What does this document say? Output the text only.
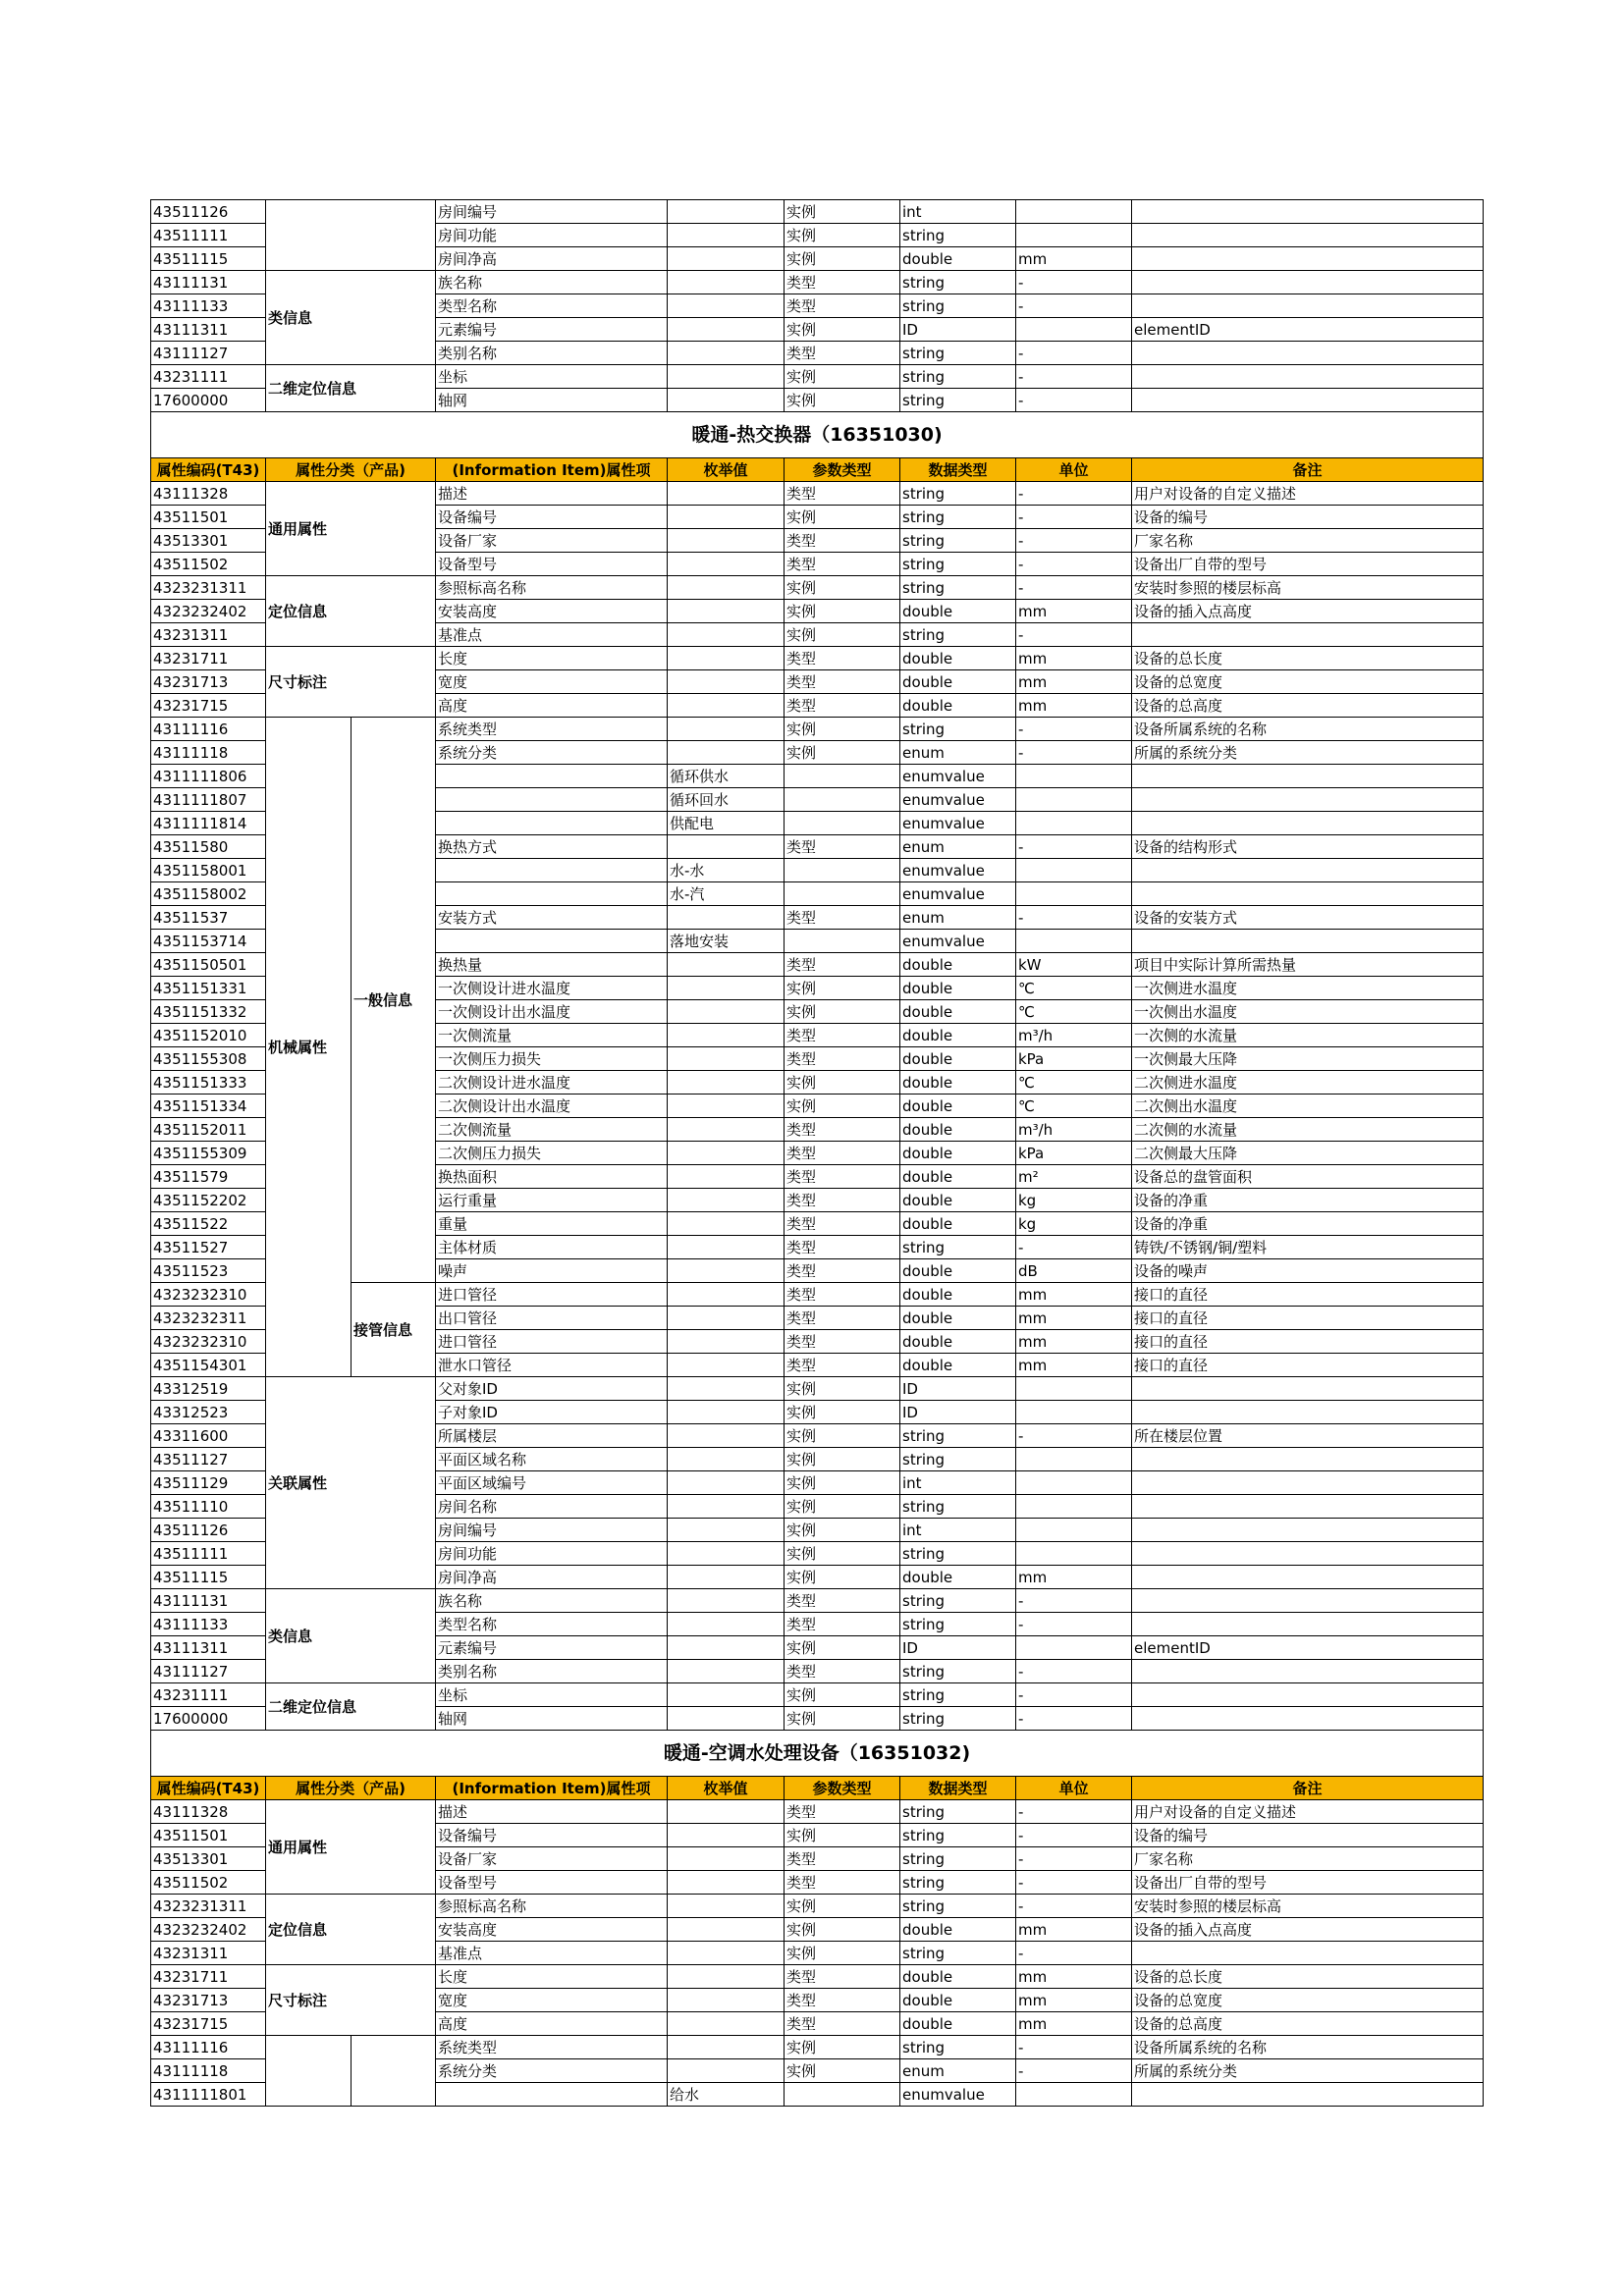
43511126			房间编号		实例	int		
43511111			房间功能		实例	string		
43511115			房间净高		实例	double	mm	
43111131	类信息		族名称		类型	string	-	
43111133			类型名称		类型	string	-	
43111311			元素编号		实例	ID		elementID
43111127			类别名称		类型	string	-	
43231111	二维定位信息		坐标		实例	string	-	
17600000			轴网		实例	string	-	
暖通-热交换器（16351030)								
属性编码(T43)	属性分类（产品)		(Information Item)属性项	枚举值	参数类型	数据类型	单位	备注
43111328	通用属性		描述		类型	string	-	用户对设备的自定义描述
43511501			设备编号		实例	string	-	设备的编号
43513301			设备厂家		类型	string	-	厂家名称
43511502			设备型号		类型	string	-	设备出厂自带的型号
4323231311	定位信息		参照标高名称		实例	string	-	安装时参照的楼层标高
4323232402			安装高度		实例	double	mm	设备的插入点高度
43231311			基准点		实例	string	-	
43231711	尺寸标注		长度		类型	double	mm	设备的总长度
43231713			宽度		类型	double	mm	设备的总宽度
43231715			高度		类型	double	mm	设备的总高度
43111116	机械属性	一般信息	系统类型		实例	string	-	设备所属系统的名称
43111118			系统分类		实例	enum	-	所属的系统分类
4311111806				循环供水		enumvalue		
4311111807				循环回水		enumvalue		
4311111814				供配电		enumvalue		
43511580			换热方式		类型	enum	-	设备的结构形式
4351158001				水-水		enumvalue		
4351158002				水-汽		enumvalue		
43511537			安装方式		类型	enum	-	设备的安装方式
4351153714				落地安装		enumvalue		
4351150501			换热量		类型	double	kW	项目中实际计算所需热量
4351151331			一次侧设计进水温度		实例	double	℃	一次侧进水温度
4351151332			一次侧设计出水温度		实例	double	℃	一次侧出水温度
4351152010			一次侧流量		类型	double	m³/h	一次侧的水流量
4351155308			一次侧压力损失		类型	double	kPa	一次侧最大压降
4351151333			二次侧设计进水温度		实例	double	℃	二次侧进水温度
4351151334			二次侧设计出水温度		实例	double	℃	二次侧出水温度
4351152011			二次侧流量		类型	double	m³/h	二次侧的水流量
4351155309			二次侧压力损失		类型	double	kPa	二次侧最大压降
43511579			换热面积		类型	double	m²	设备总的盘管面积
4351152202			运行重量		类型	double	kg	设备的净重
43511522			重量		类型	double	kg	设备的净重
43511527			主体材质		类型	string	-	铸铁/不锈钢/铜/塑料
43511523			噪声		类型	double	dB	设备的噪声
4323232310		接管信息	进口管径		类型	double	mm	接口的直径
4323232311			出口管径		类型	double	mm	接口的直径
4323232310			进口管径		类型	double	mm	接口的直径
4351154301			泄水口管径		类型	double	mm	接口的直径
43312519	关联属性		父对象ID		实例	ID		
43312523			子对象ID		实例	ID		
43311600			所属楼层		实例	string	-	所在楼层位置
43511127			平面区域名称		实例	string		
43511129			平面区域编号		实例	int		
43511110			房间名称		实例	string		
43511126			房间编号		实例	int		
43511111			房间功能		实例	string		
43511115			房间净高		实例	double	mm	
43111131	类信息		族名称		类型	string	-	
43111133			类型名称		类型	string	-	
43111311			元素编号		实例	ID		elementID
43111127			类别名称		类型	string	-	
43231111	二维定位信息		坐标		实例	string	-	
17600000			轴网		实例	string	-	
暖通-空调水处理设备（16351032)								
属性编码(T43)	属性分类（产品)		(Information Item)属性项	枚举值	参数类型	数据类型	单位	备注
43111328	通用属性		描述		类型	string	-	用户对设备的自定义描述
43511501			设备编号		实例	string	-	设备的编号
43513301			设备厂家		类型	string	-	厂家名称
43511502			设备型号		类型	string	-	设备出厂自带的型号
4323231311	定位信息		参照标高名称		实例	string	-	安装时参照的楼层标高
4323232402			安装高度		实例	double	mm	设备的插入点高度
43231311			基准点		实例	string	-	
43231711	尺寸标注		长度		类型	double	mm	设备的总长度
43231713			宽度		类型	double	mm	设备的总宽度
43231715			高度		类型	double	mm	设备的总高度
43111116			系统类型		实例	string	-	设备所属系统的名称
43111118			系统分类		实例	enum	-	所属的系统分类
4311111801				给水		enumvalue		
